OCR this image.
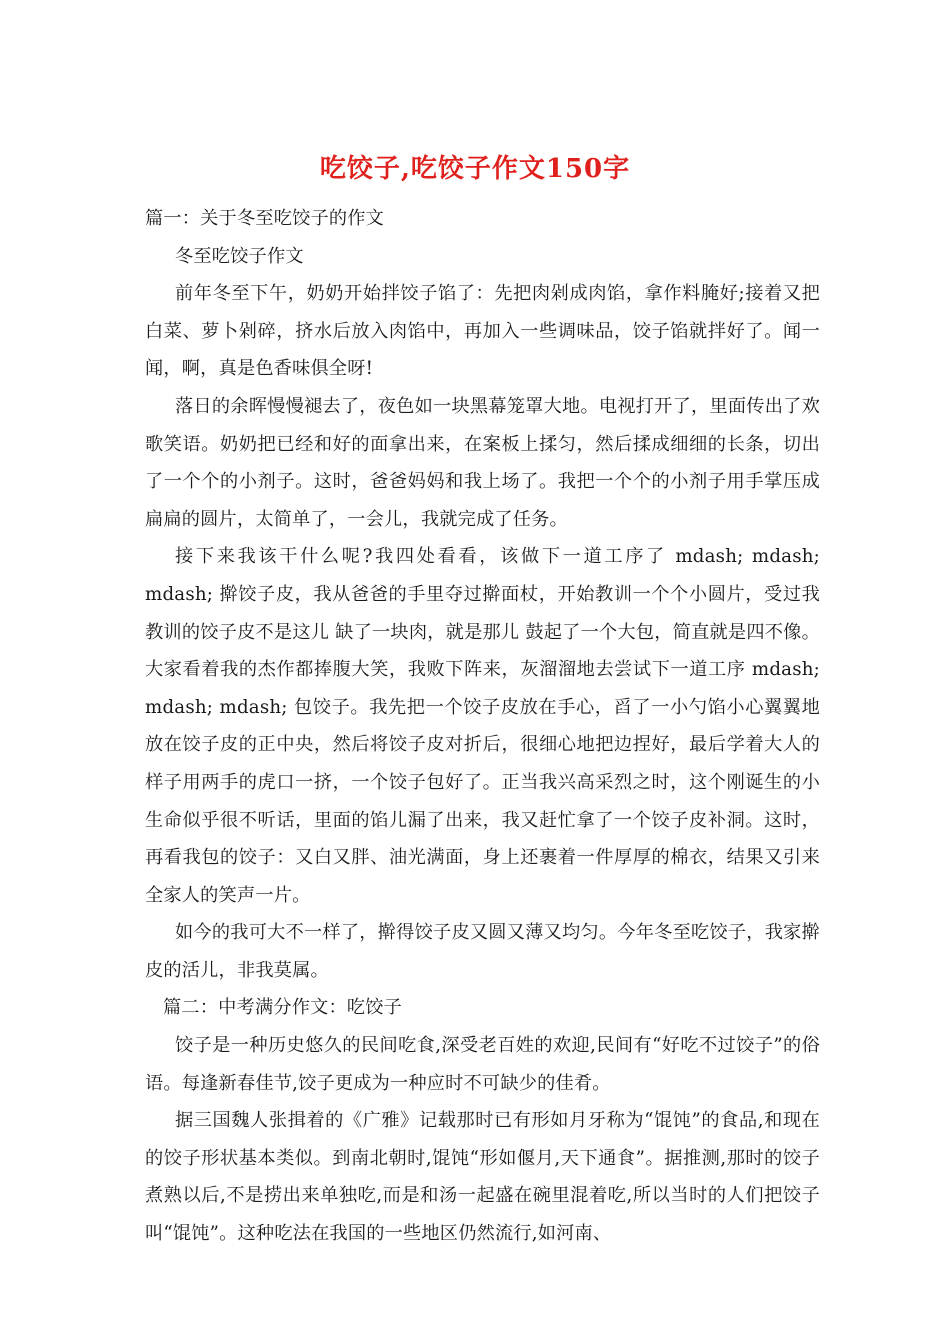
吃饺子,吃饺子作文150字

篇一：关于冬至吃饺子的作文

冬至吃饺子作文

前年冬至下午，奶奶开始拌饺子馅了：先把肉剁成肉馅，拿作料腌好;接着又把白菜、萝卜剁碎，挤水后放入肉馅中，再加入一些调味品，饺子馅就拌好了。闻一闻，啊，真是色香味俱全呀!

落日的余晖慢慢褪去了，夜色如一块黑幕笼罩大地。电视打开了，里面传出了欢歌笑语。奶奶把已经和好的面拿出来，在案板上揉匀，然后揉成细细的长条，切出了一个个的小剂子。这时，爸爸妈妈和我上场了。我把一个个的小剂子用手掌压成扁扁的圆片，太简单了，一会儿，我就完成了任务。

接下来我该干什么呢?我四处看看，该做下一道工序了 mdash; mdash; mdash; 擀饺子皮，我从爸爸的手里夺过擀面杖，开始教训一个个小圆片，受过我教训的饺子皮不是这儿 缺了一块肉，就是那儿 鼓起了一个大包，简直就是四不像。大家看着我的杰作都捧腹大笑，我败下阵来，灰溜溜地去尝试下一道工序 mdash; mdash; mdash; 包饺子。我先把一个饺子皮放在手心，舀了一小勺馅小心翼翼地放在饺子皮的正中央，然后将饺子皮对折后，很细心地把边捏好，最后学着大人的样子用两手的虎口一挤，一个饺子包好了。正当我兴高采烈之时，这个刚诞生的小生命似乎很不听话，里面的馅儿漏了出来，我又赶忙拿了一个饺子皮补洞。这时，再看我包的饺子：又白又胖、油光满面，身上还裹着一件厚厚的棉衣，结果又引来全家人的笑声一片。

如今的我可大不一样了，擀得饺子皮又圆又薄又均匀。今年冬至吃饺子，我家擀皮的活儿，非我莫属。

篇二：中考满分作文：吃饺子

饺子是一种历史悠久的民间吃食,深受老百姓的欢迎,民间有“好吃不过饺子”的俗语。每逢新春佳节,饺子更成为一种应时不可缺少的佳肴。

据三国魏人张揖着的《广雅》记载那时已有形如月牙称为“馄饨”的食品,和现在的饺子形状基本类似。到南北朝时,馄饨“形如偃月,天下通食”。据推测,那时的饺子煮熟以后,不是捞出来单独吃,而是和汤一起盛在碗里混着吃,所以当时的人们把饺子叫“馄饨”。这种吃法在我国的一些地区仍然流行,如河南、
